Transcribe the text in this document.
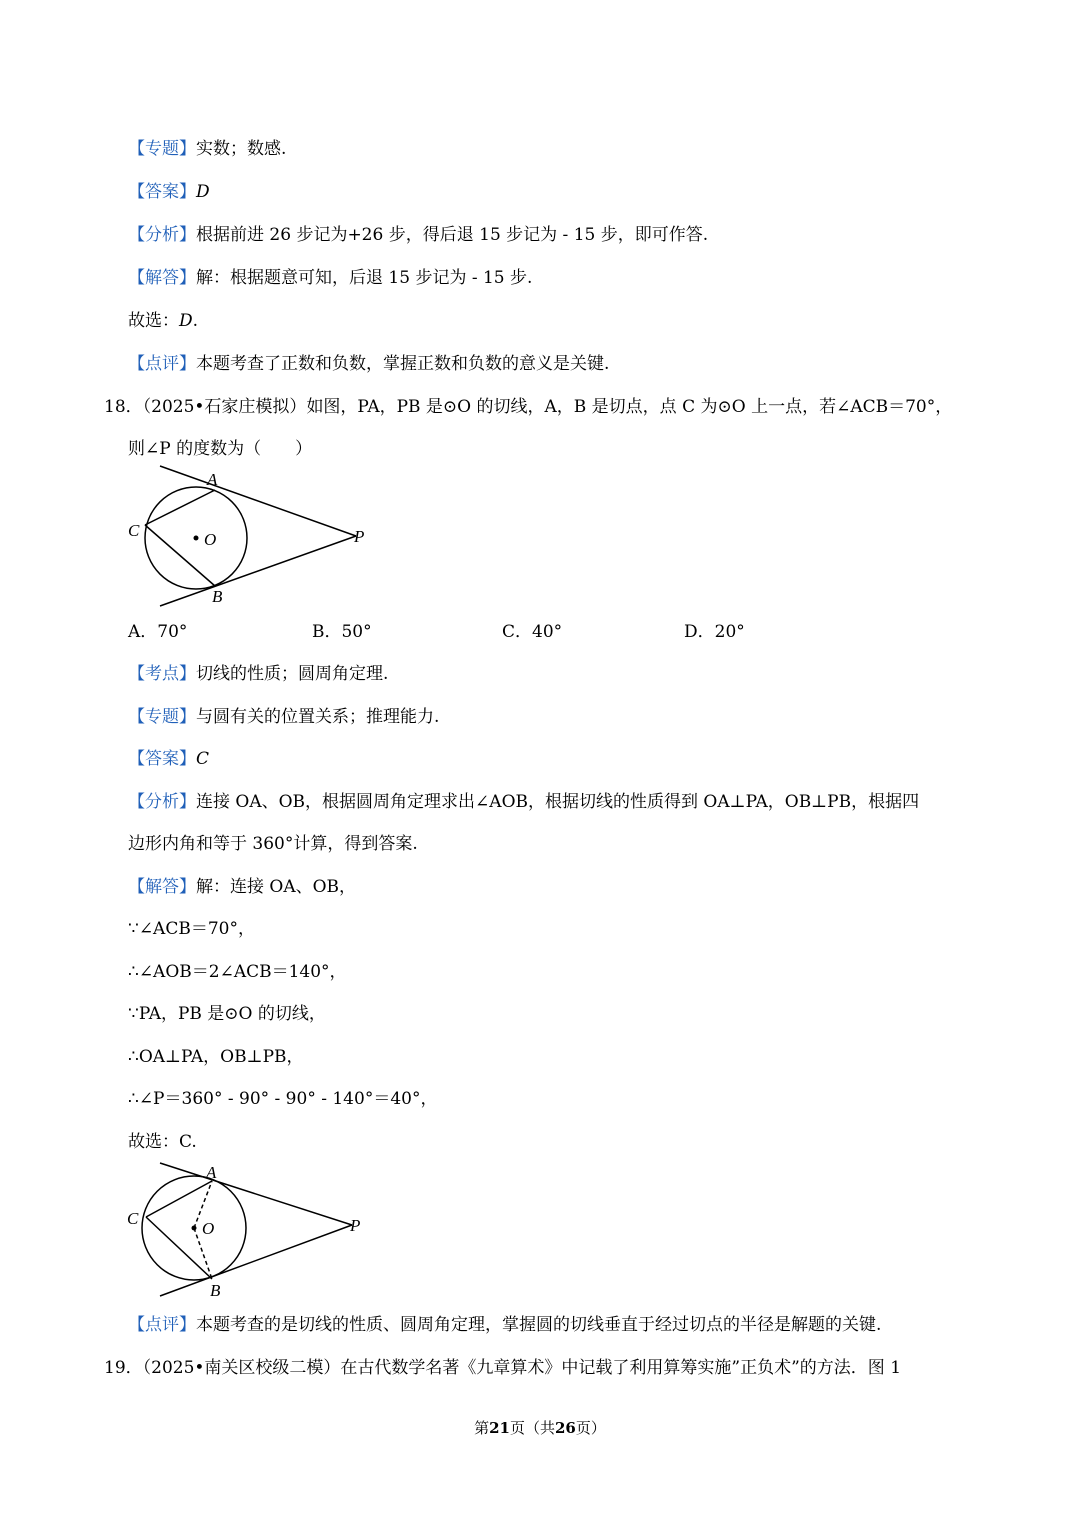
【专题】实数；数感.
【答案】D
【分析】根据前进 26 步记为+26 步，得后退 15 步记为 - 15 步，即可作答.
【解答】解：根据题意可知，后退 15 步记为 - 15 步.
故选：D.
【点评】本题考查了正数和负数，掌握正数和负数的意义是关键.
18．（2025•石家庄模拟）如图，PA，PB 是⊙O 的切线，A，B 是切点，点 C 为⊙O 上一点，若∠ACB＝70°，
则∠P 的度数为（　　）
A
B
C	O	P
A．70°	B．50°	C．40°	D．20°
【考点】切线的性质；圆周角定理.
【专题】与圆有关的位置关系；推理能力.
【答案】C
【分析】连接 OA、OB，根据圆周角定理求出∠AOB，根据切线的性质得到 OA⊥PA，OB⊥PB，根据四
边形内角和等于 360°计算，得到答案.
【解答】解：连接 OA、OB，
∵∠ACB＝70°，
∴∠AOB＝2∠ACB＝140°，
∵PA，PB 是⊙O 的切线，
∴OA⊥PA，OB⊥PB，
∴∠P＝360° - 90° - 90° - 140°＝40°，
故选：C.
A
B
C
O	P
【点评】本题考查的是切线的性质、圆周角定理，掌握圆的切线垂直于经过切点的半径是解题的关键.
19．（2025•南关区校级二模）在古代数学名著《九章算术》中记载了利用算筹实施”正负术”的方法．图 1
第21页（共26页）
